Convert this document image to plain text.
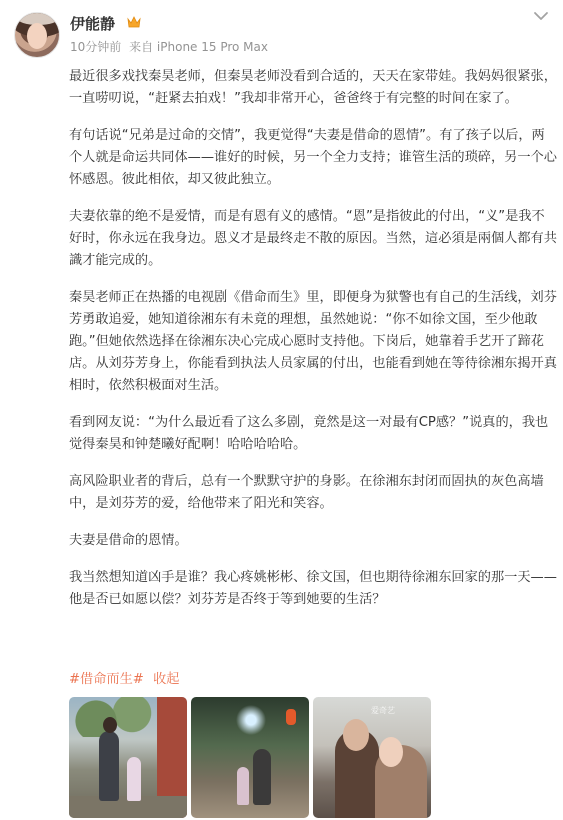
伊能静
10分钟前 来自 iPhone 15 Pro Max

最近很多戏找秦昊老师，但秦昊老师没看到合适的，天天在家带娃。我妈妈很紧张，一直唠叨说，“赶紧去拍戏！”我却非常开心，爸爸终于有完整的时间在家了。

有句话说“兄弟是过命的交情”，我更觉得“夫妻是借命的恩情”。有了孩子以后，两个人就是命运共同体——谁好的时候，另一个全力支持；谁管生活的琐碎，另一个心怀感恩。彼此相依，却又彼此独立。

夫妻依靠的绝不是爱情，而是有恩有义的感情。“恩”是指彼此的付出，“义”是我不好时，你永远在我身边。恩义才是最终走不散的原因。当然，這必須是兩個人都有共識才能完成的。

秦昊老师正在热播的电视剧《借命而生》里，即便身为狱警也有自己的生活线，刘芬芳勇敢追爱，她知道徐湘东有未竟的理想，虽然她说：“你不如徐文国，至少他敢跑。”但她依然选择在徐湘东决心完成心愿时支持他。下岗后，她靠着手艺开了蹄花店。从刘芬芳身上，你能看到执法人员家属的付出，也能看到她在等待徐湘东揭开真相时，依然积极面对生活。

看到网友说：“为什么最近看了这么多剧，竟然是这一对最有CP感？”说真的，我也觉得秦昊和钟楚曦好配啊！哈哈哈哈哈。

高风险职业者的背后，总有一个默默守护的身影。在徐湘东封闭而固执的灰色高墙中，是刘芬芳的爱，给他带来了阳光和笑容。

夫妻是借命的恩情。

我当然想知道凶手是谁？我心疼姚彬彬、徐文国，但也期待徐湘东回家的那一天——他是否已如愿以偿？刘芬芳是否终于等到她要的生活？

#借命而生# 收起
爱奇艺
